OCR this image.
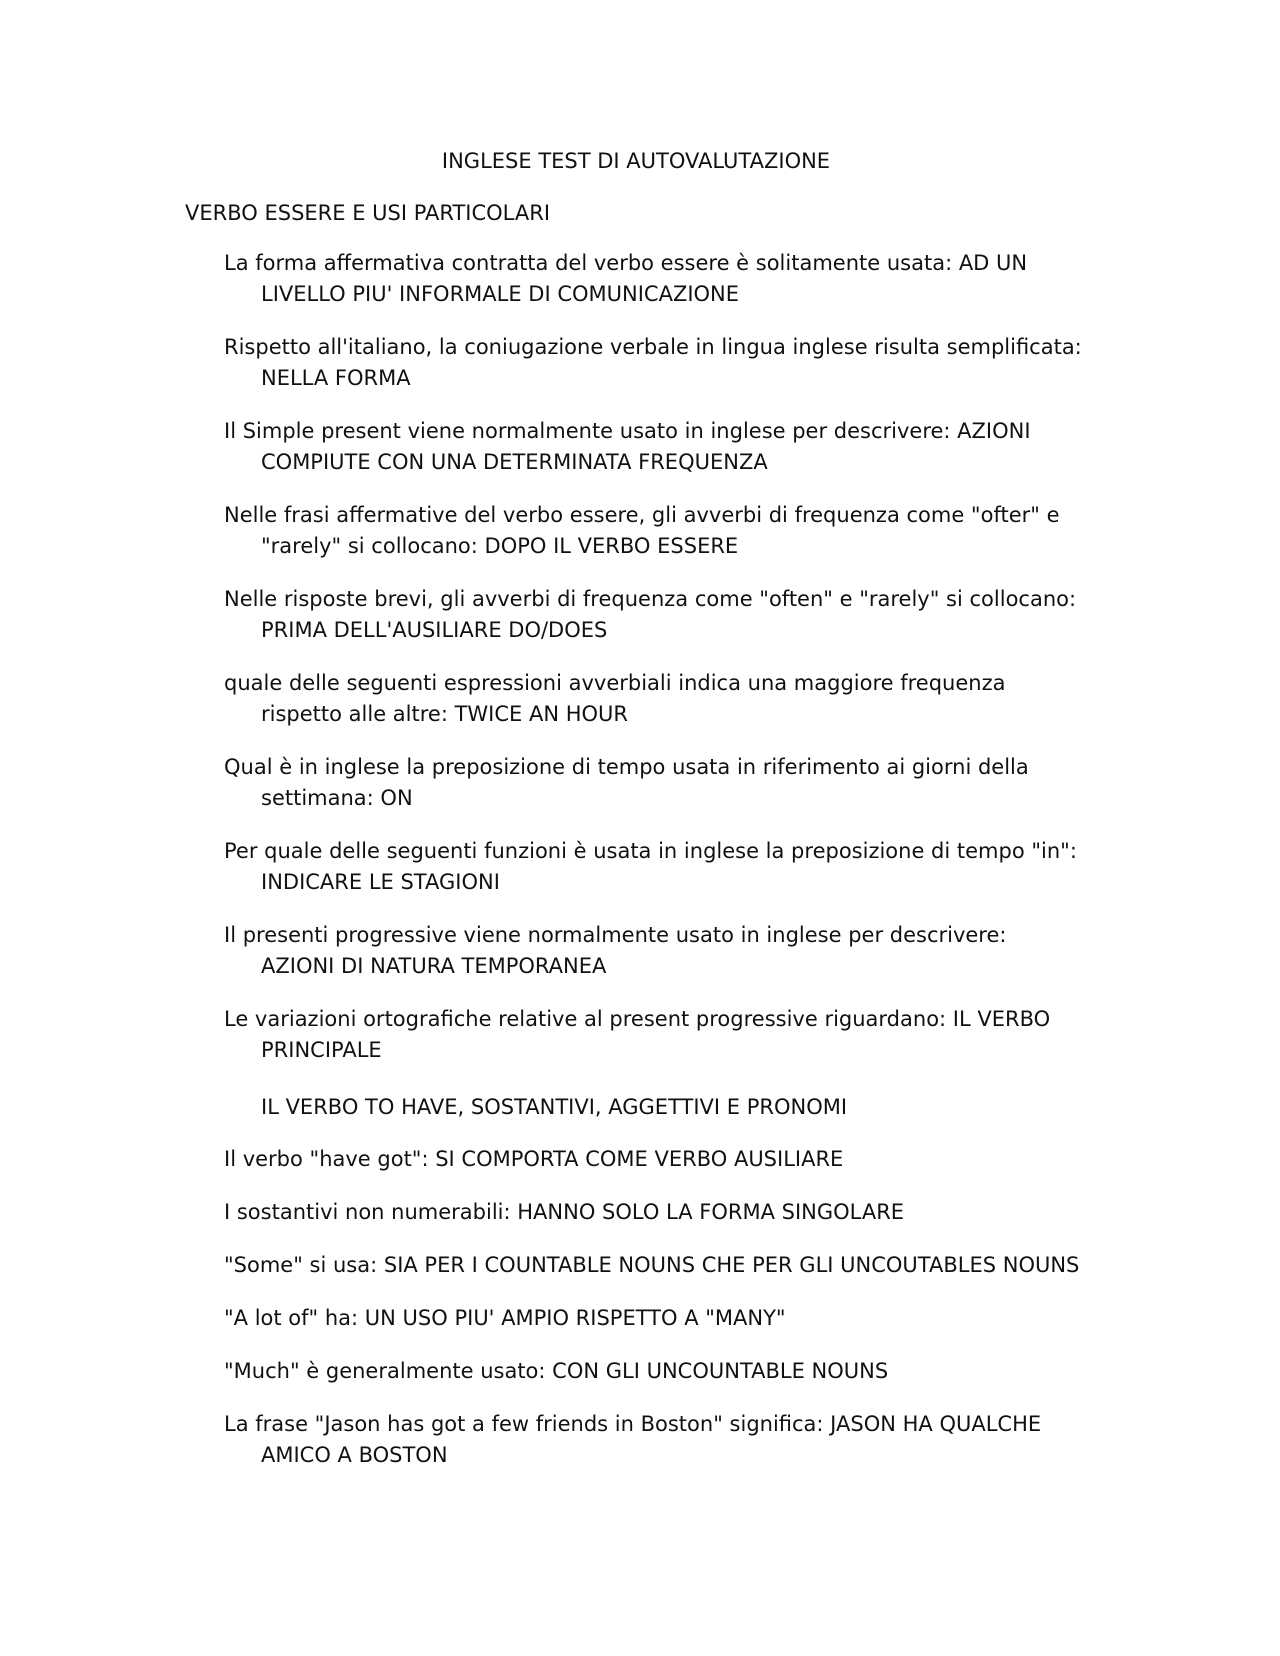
INGLESE TEST DI AUTOVALUTAZIONE

VERBO ESSERE E USI PARTICOLARI

La forma affermativa contratta del verbo essere è solitamente usata: AD UN LIVELLO PIU' INFORMALE DI COMUNICAZIONE

Rispetto all'italiano, la coniugazione verbale in lingua inglese risulta semplificata: NELLA FORMA

Il Simple present viene normalmente usato in inglese per descrivere: AZIONI COMPIUTE CON UNA DETERMINATA FREQUENZA

Nelle frasi affermative del verbo essere, gli avverbi di frequenza come "ofter" e "rarely" si collocano: DOPO IL VERBO ESSERE

Nelle risposte brevi, gli avverbi di frequenza come "often" e "rarely" si collocano: PRIMA DELL'AUSILIARE DO/DOES

quale delle seguenti espressioni avverbiali indica una maggiore frequenza rispetto alle altre: TWICE AN HOUR

Qual è in inglese la preposizione di tempo usata in riferimento ai giorni della settimana: ON

Per quale delle seguenti funzioni è usata in inglese la preposizione di tempo "in": INDICARE LE STAGIONI

Il presenti progressive viene normalmente usato in inglese per descrivere: AZIONI DI NATURA TEMPORANEA

Le variazioni ortografiche relative al present progressive riguardano: IL VERBO PRINCIPALE

IL VERBO TO HAVE, SOSTANTIVI, AGGETTIVI E PRONOMI

Il verbo "have got": SI COMPORTA COME VERBO AUSILIARE

I sostantivi non numerabili: HANNO SOLO LA FORMA SINGOLARE

"Some" si usa: SIA PER I COUNTABLE NOUNS CHE PER GLI UNCOUTABLES NOUNS

"A lot of" ha: UN USO PIU' AMPIO RISPETTO A "MANY"

"Much" è generalmente usato: CON GLI UNCOUNTABLE NOUNS

La frase "Jason has got a few friends in Boston" significa: JASON HA QUALCHE AMICO A BOSTON
